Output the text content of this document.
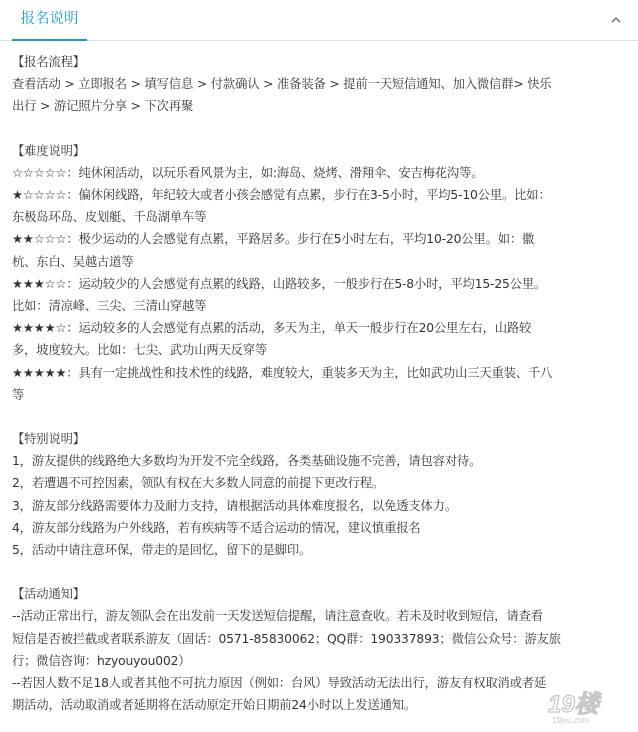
报名说明
【报名流程】
查看活动 > 立即报名 > 填写信息 > 付款确认 > 准备装备 > 提前一天短信通知、加入微信群> 快乐
出行 > 游记照片分享 > 下次再聚
【难度说明】
☆☆☆☆☆：纯休闲活动，以玩乐看风景为主，如:海岛、烧烤、滑翔伞、安吉梅花沟等。
★☆☆☆☆：偏休闲线路，年纪较大或者小孩会感觉有点累，步行在3-5小时，平均5-10公里。比如：
东极岛环岛、皮划艇、千岛湖单车等
★★☆☆☆：极少运动的人会感觉有点累，平路居多。步行在5小时左右，平均10-20公里。如：徽
杭、东白、吴越古道等
★★★☆☆：运动较少的人会感觉有点累的线路，山路较多，一般步行在5-8小时，平均15-25公里。
比如：清凉峰、三尖、三清山穿越等
★★★★☆：运动较多的人会感觉有点累的活动，多天为主，单天一般步行在20公里左右，山路较
多，坡度较大。比如：七尖、武功山两天反穿等
★★★★★：具有一定挑战性和技术性的线路，难度较大，重装多天为主，比如武功山三天重装、千八
等
【特别说明】
1，游友提供的线路绝大多数均为开发不完全线路，各类基础设施不完善，请包容对待。
2，若遭遇不可控因素，领队有权在大多数人同意的前提下更改行程。
3，游友部分线路需要体力及耐力支持，请根据活动具体难度报名，以免透支体力。
4，游友部分线路为户外线路，若有疾病等不适合运动的情况，建议慎重报名
5，活动中请注意环保，带走的是回忆，留下的是脚印。
【活动通知】
--活动正常出行，游友领队会在出发前一天发送短信提醒，请注意查收。若未及时收到短信，请查看
短信是否被拦截或者联系游友（固话：0571-85830062；QQ群：190337893；微信公众号：游友旅
行；微信咨询：hzyouyou002）
--若因人数不足18人或者其他不可抗力原因（例如：台风）导致活动无法出行，游友有权取消或者延
期活动，活动取消或者延期将在活动原定开始日期前24小时以上发送通知。	19楼
19lou.com
